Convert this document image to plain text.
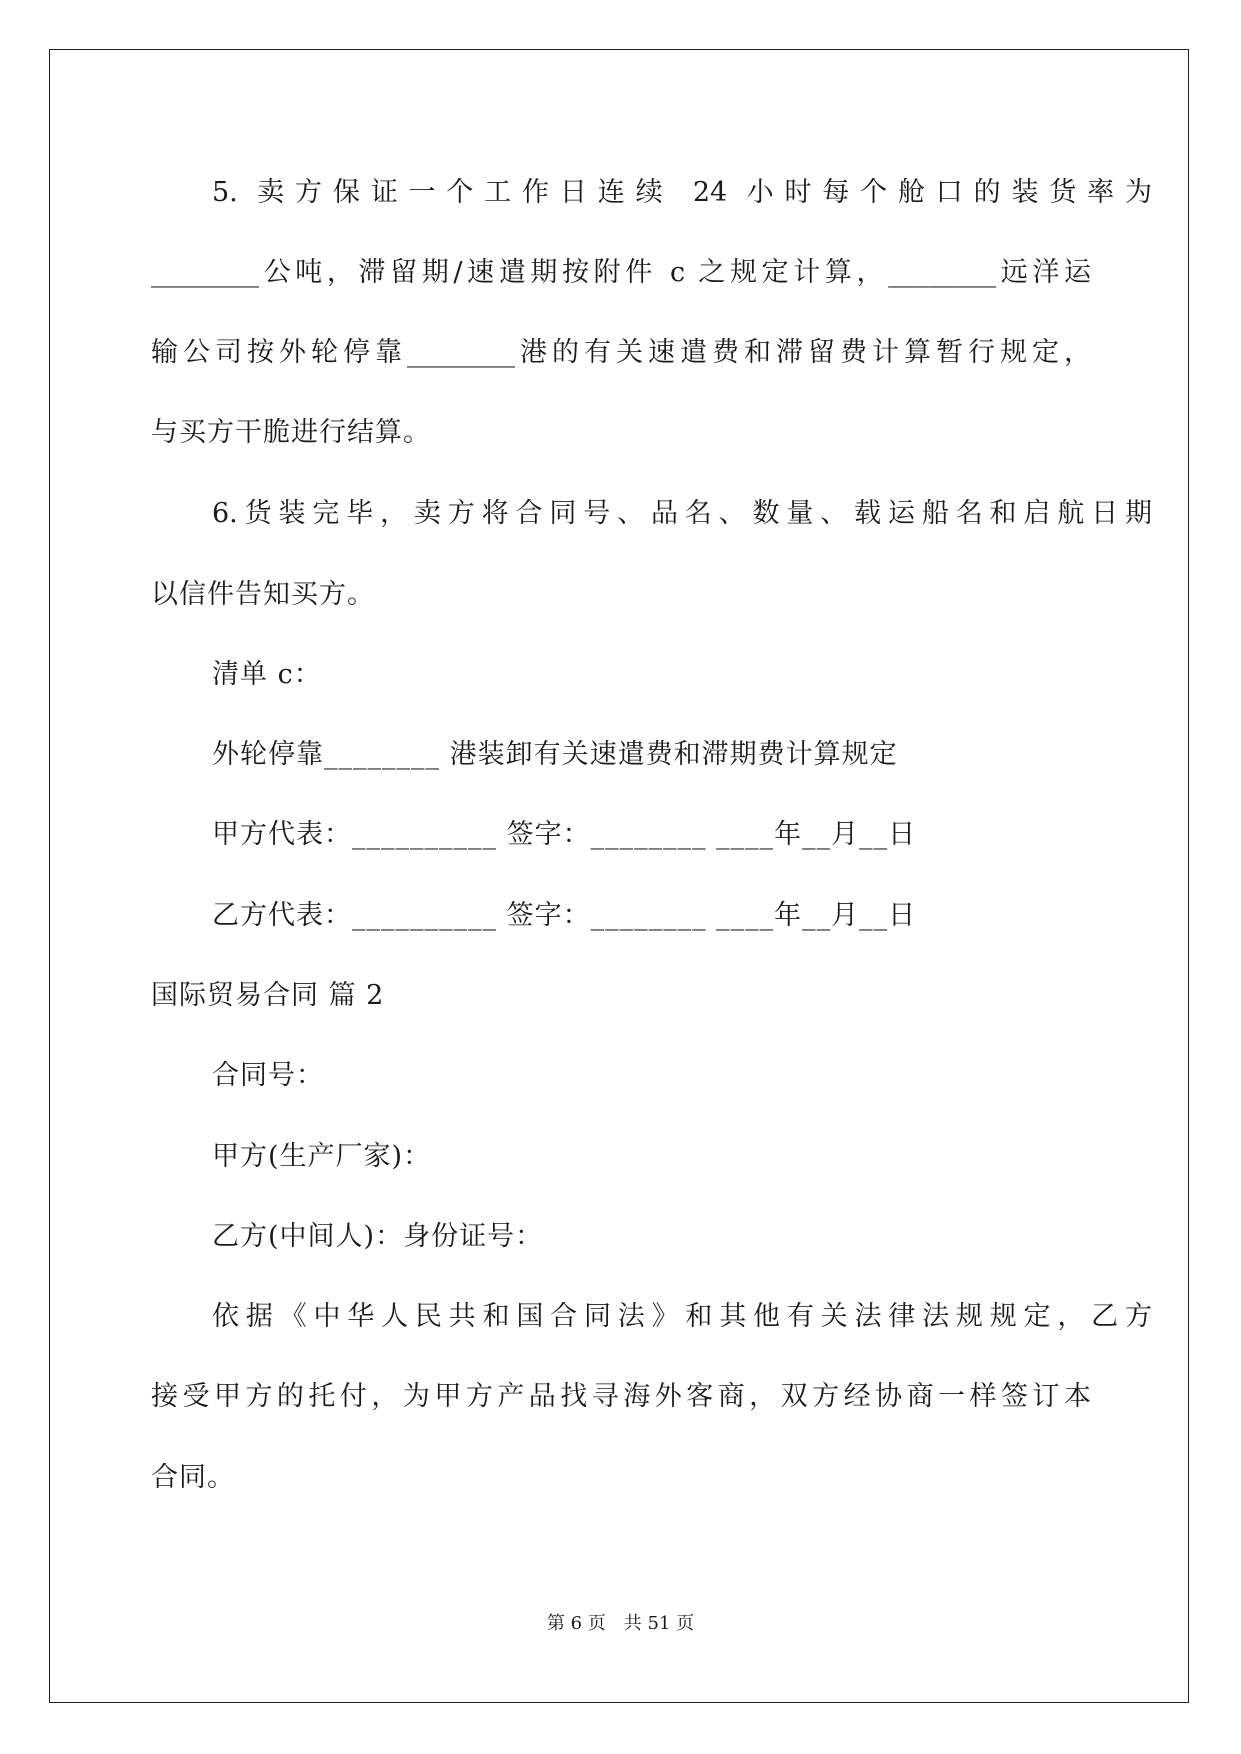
5. 卖方保证一个工作日连续 24 小时每个舱口的装货率为
________公吨，滞留期/速遣期按附件 c 之规定计算，________远洋运
输公司按外轮停靠________港的有关速遣费和滞留费计算暂行规定，
与买方干脆进行结算。
6.货装完毕，卖方将合同号、品名、数量、载运船名和启航日期
以信件告知买方。
清单 c：
外轮停靠________ 港装卸有关速遣费和滞期费计算规定
甲方代表：__________ 签字：________ ____年__月__日
乙方代表：__________ 签字：________ ____年__月__日
国际贸易合同 篇 2
合同号：
甲方(生产厂家)：
乙方(中间人)：身份证号：
依据《中华人民共和国合同法》和其他有关法律法规规定，乙方
接受甲方的托付，为甲方产品找寻海外客商，双方经协商一样签订本
合同。
第 6 页　共 51 页
